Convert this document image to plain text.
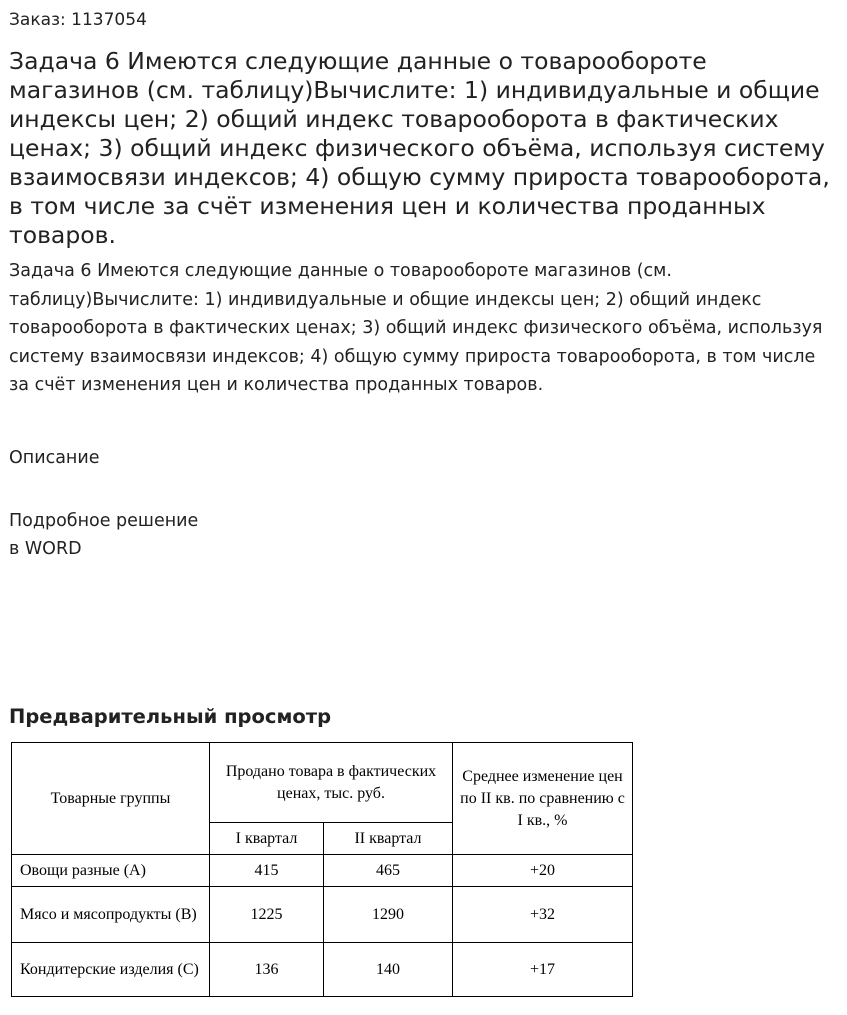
Заказ: 1137054
Задача 6 Имеются следующие данные о товарообороте магазинов (см. таблицу)Вычислите: 1) индивидуальные и общие индексы цен; 2) общий индекс товарооборота в фактических ценах; 3) общий индекс физического объёма, используя систему взаимосвязи индексов; 4) общую сумму прироста товарооборота, в том числе за счёт изменения цен и количества проданных товаров.

Задача 6 Имеются следующие данные о товарообороте магазинов (см. таблицу)Вычислите: 1) индивидуальные и общие индексы цен; 2) общий индекс товарооборота в фактических ценах; 3) общий индекс физического объёма, используя систему взаимосвязи индексов; 4) общую сумму прироста товарооборота, в том числе за счёт изменения цен и количества проданных товаров.

Описание
Подробное решение
в WORD
Предварительный просмотр
Товарные группы	Продано товара в фактических ценах, тыс. руб.		Среднее изменение цен по II кв. по сравнению с I кв., %
	I квартал	II квартал	
Овощи разные (А)	415	465	+20
Мясо и мясопродукты (В)	1225	1290	+32
Кондитерские изделия (С)	136	140	+17
